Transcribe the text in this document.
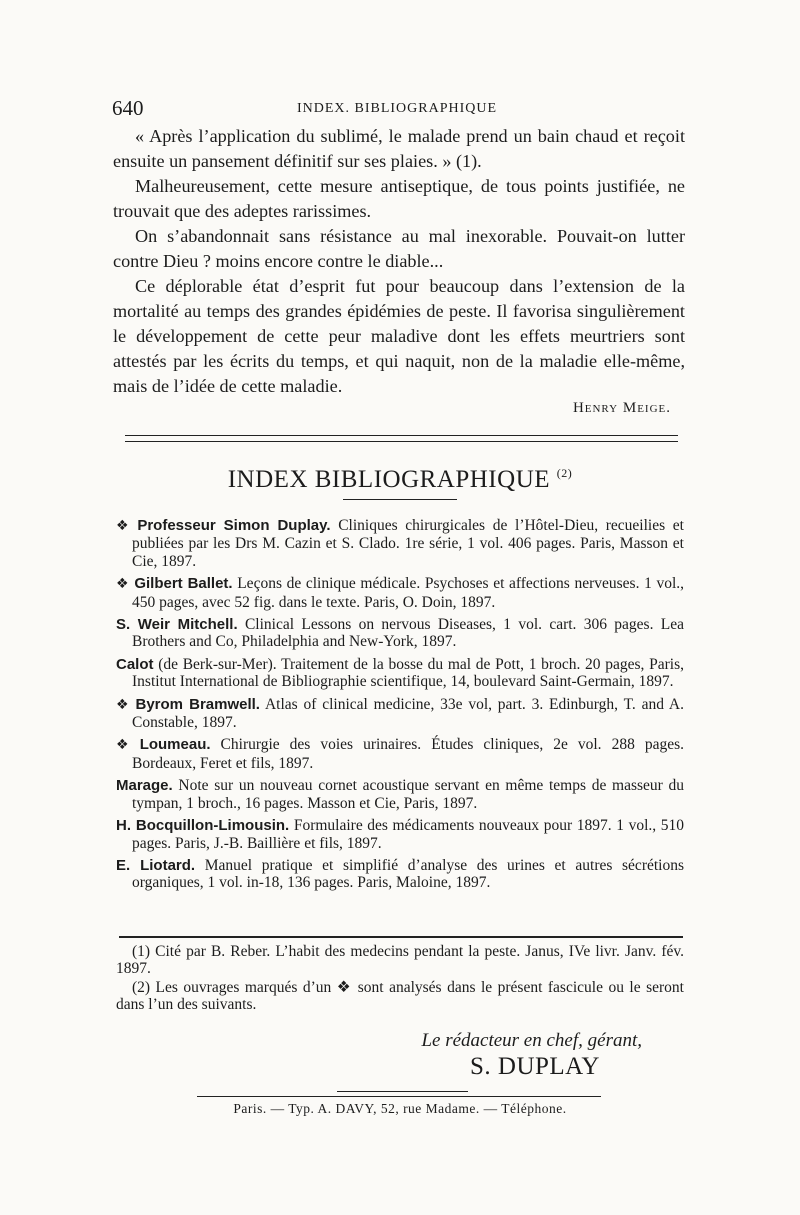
640	INDEX. BIBLIOGRAPHIQUE

« Après l’application du sublimé, le malade prend un bain chaud et reçoit ensuite un pansement définitif sur ses plaies. » (1).

Malheureusement, cette mesure antiseptique, de tous points justifiée, ne trouvait que des adeptes rarissimes.

On s’abandonnait sans résistance au mal inexorable. Pouvait-on lutter contre Dieu ? moins encore contre le diable...

Ce déplorable état d’esprit fut pour beaucoup dans l’extension de la mortalité au temps des grandes épidémies de peste. Il favorisa singulièrement le développement de cette peur maladive dont les effets meurtriers sont attestés par les écrits du temps, et qui naquit, non de la maladie elle-même, mais de l’idée de cette maladie.

Henry Meige.
INDEX BIBLIOGRAPHIQUE $^{(2)}$
❖ Professeur Simon Duplay. Cliniques chirurgicales de l’Hôtel-Dieu, recueilies et publiées par les Drs M. Cazin et S. Clado. 1re série, 1 vol. 406 pages. Paris, Masson et Cie, 1897.
❖ Gilbert Ballet. Leçons de clinique médicale. Psychoses et affections nerveuses. 1 vol., 450 pages, avec 52 fig. dans le texte. Paris, O. Doin, 1897.
S. Weir Mitchell. Clinical Lessons on nervous Diseases, 1 vol. cart. 306 pages. Lea Brothers and Co, Philadelphia and New-York, 1897.
Calot (de Berk-sur-Mer). Traitement de la bosse du mal de Pott, 1 broch. 20 pages, Paris, Institut International de Bibliographie scientifique, 14, boulevard Saint-Germain, 1897.
❖ Byrom Bramwell. Atlas of clinical medicine, 33e vol, part. 3. Edinburgh, T. and A. Constable, 1897.
❖ Loumeau. Chirurgie des voies urinaires. Études cliniques, 2e vol. 288 pages. Bordeaux, Feret et fils, 1897.
Marage. Note sur un nouveau cornet acoustique servant en même temps de masseur du tympan, 1 broch., 16 pages. Masson et Cie, Paris, 1897.
H. Bocquillon-Limousin. Formulaire des médicaments nouveaux pour 1897. 1 vol., 510 pages. Paris, J.-B. Baillière et fils, 1897.
E. Liotard. Manuel pratique et simplifié d’analyse des urines et autres sécrétions organiques, 1 vol. in-18, 136 pages. Paris, Maloine, 1897.

(1) Cité par B. Reber. L’habit des medecins pendant la peste. Janus, IVe livr. Janv. fév. 1897.

(2) Les ouvrages marqués d’un ❖ sont analysés dans le présent fascicule ou le seront dans l’un des suivants.

Le rédacteur en chef, gérant,
S. DUPLAY
Paris. — Typ. A. DAVY, 52, rue Madame. — Téléphone.
